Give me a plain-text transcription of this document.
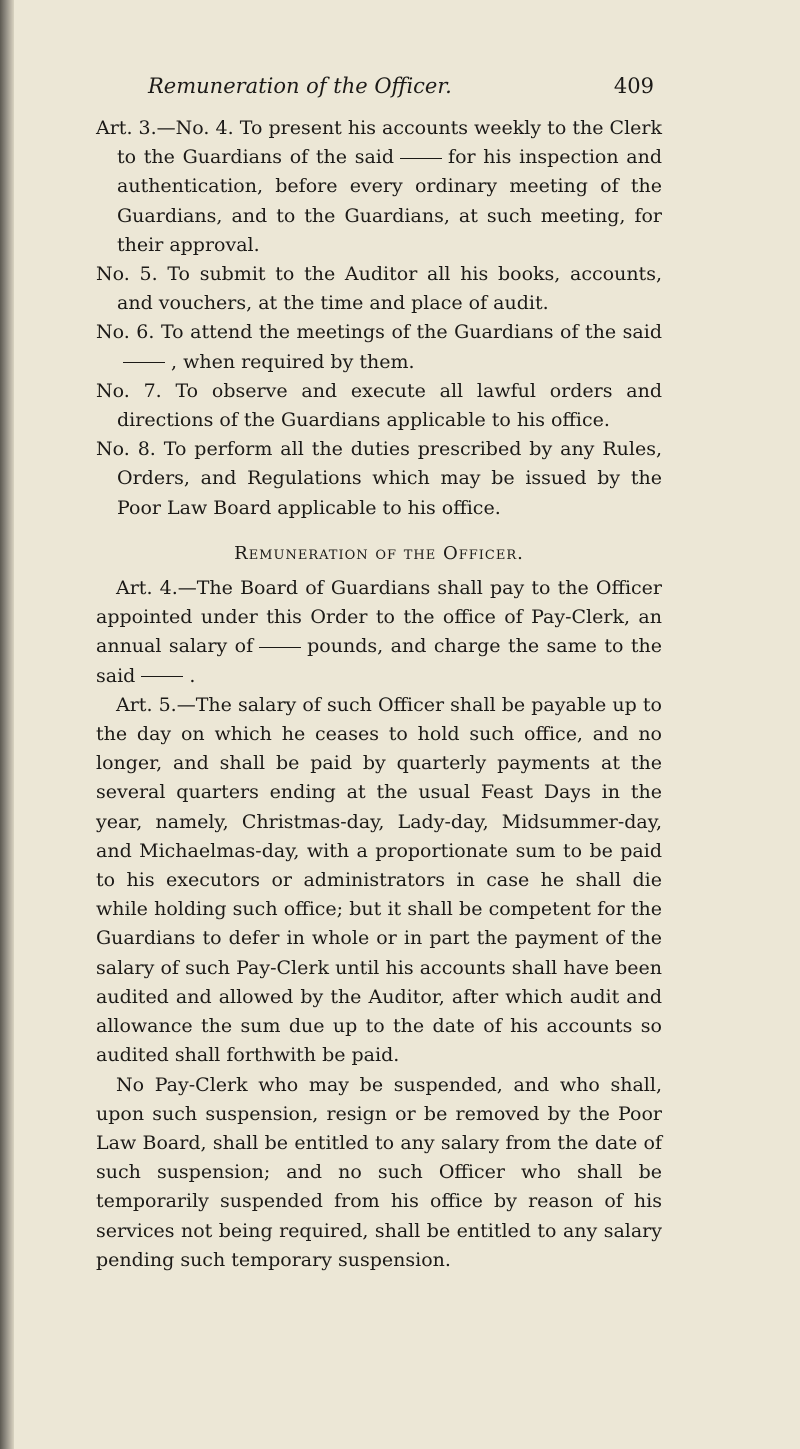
Remuneration of the Officer.	409

Art. 3.—No. 4. To present his accounts weekly to the Clerk to the Guardians of the said	for his inspection and authentication, before every ordinary meeting of the Guardians, and to the Guardians, at such meeting, for their approval.

No. 5. To submit to the Auditor all his books, accounts, and vouchers, at the time and place of audit.

No. 6. To attend the meetings of the Guardians of the said, when required by them.

No. 7. To observe and execute all lawful orders and directions of the Guardians applicable to his office.

No. 8. To perform all the duties prescribed by any Rules, Orders, and Regulations which may be issued by the Poor Law Board applicable to his office.

Remuneration of the Officer.

Art. 4.—The Board of Guardians shall pay to the Officer appointed under this Order to the office of Pay-Clerk, an annual salary of	pounds, and charge the same to the said	.

Art. 5.—The salary of such Officer shall be payable up to the day on which he ceases to hold such office, and no longer, and shall be paid by quarterly payments at the several quarters ending at the usual Feast Days in the year, namely, Christmas-day, Lady-day, Midsummer-day, and Michaelmas-day, with a proportionate sum to be paid to his executors or administrators in case he shall die while holding such office; but it shall be competent for the Guardians to defer in whole or in part the payment of the salary of such Pay-Clerk until his accounts shall have been audited and allowed by the Auditor, after which audit and allowance the sum due up to the date of his accounts so audited shall forthwith be paid.

No Pay-Clerk who may be suspended, and who shall, upon such suspension, resign or be removed by the Poor Law Board, shall be entitled to any salary from the date of such suspension; and no such Officer who shall be temporarily suspended from his office by reason of his services not being required, shall be entitled to any salary pending such temporary suspension.
